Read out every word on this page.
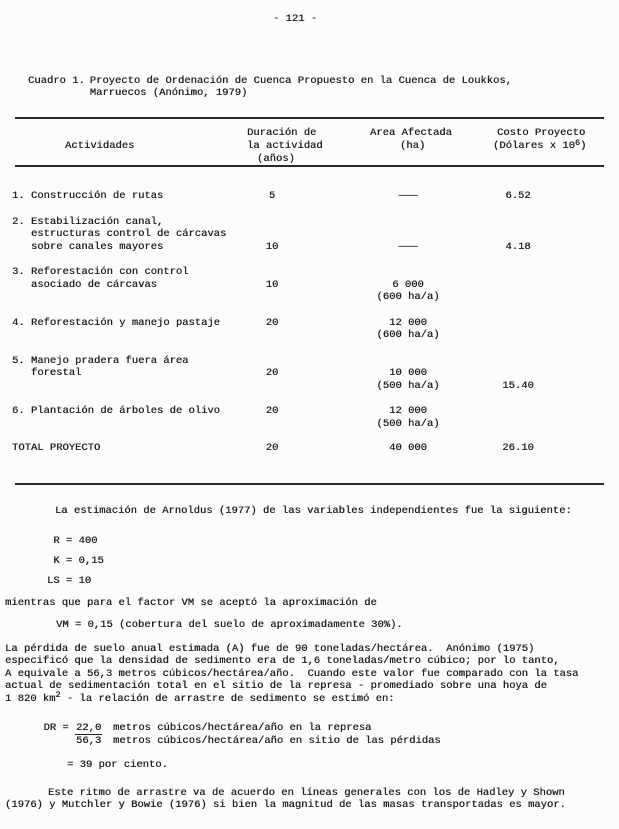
- 121 -
Cuadro 1. Proyecto de Ordenación de Cuenca Propuesto en la Cuenca de Loukkos,
Marruecos (Anónimo, 1979)
Actividades
Duración de
la actividad
(años)
Area Afectada
(ha)
Costo Proyecto
(Dólares x $10^6$)
1. Construcción de rutas	5	———	6.52
2. Estabilización canal,
estructuras control de cárcavas
sobre canales mayores	10	———	4.18
3. Reforestación con control
asociado de cárcavas	10	6 000
(600 ha/a)
4. Reforestación y manejo pastaje	20	12 000
(600 ha/a)
5. Manejo pradera fuera área
forestal	20	10 000
(500 ha/a)	15.40
6. Plantación de árboles de olivo	20	12 000
(500 ha/a)
TOTAL PROYECTO	20	40 000	26.10
La estimación de Arnoldus (1977) de las variables independientes fue la siguiente:
R = 400
K = 0,15
LS = 10
mientras que para el factor VM se aceptó la aproximación de
VM = 0,15 (cobertura del suelo de aproximadamente 30%).
La pérdida de suelo anual estimada (A) fue de 90 toneladas/hectárea.  Anónimo (1975)
especificó que la densidad de sedimento era de 1,6 toneladas/metro cúbico; por lo tanto,
A equivale a 56,3 metros cúbicos/hectárea/año.  Cuando este valor fue comparado con la tasa
actual de sedimentación total en el sitio de la represa - promediado sobre una hoya de
1 820 $km^2$ - la relación de arrastre de sedimento se estimó en:
DR = 22,0 metros cúbicos/hectárea/año en la represa
56,3 metros cúbicos/hectárea/año en sitio de las pérdidas
= 39 por ciento.
Este ritmo de arrastre va de acuerdo en líneas generales con los de Hadley y Shown
(1976) y Mutchler y Bowie (1976) si bien la magnitud de las masas transportadas es mayor.
